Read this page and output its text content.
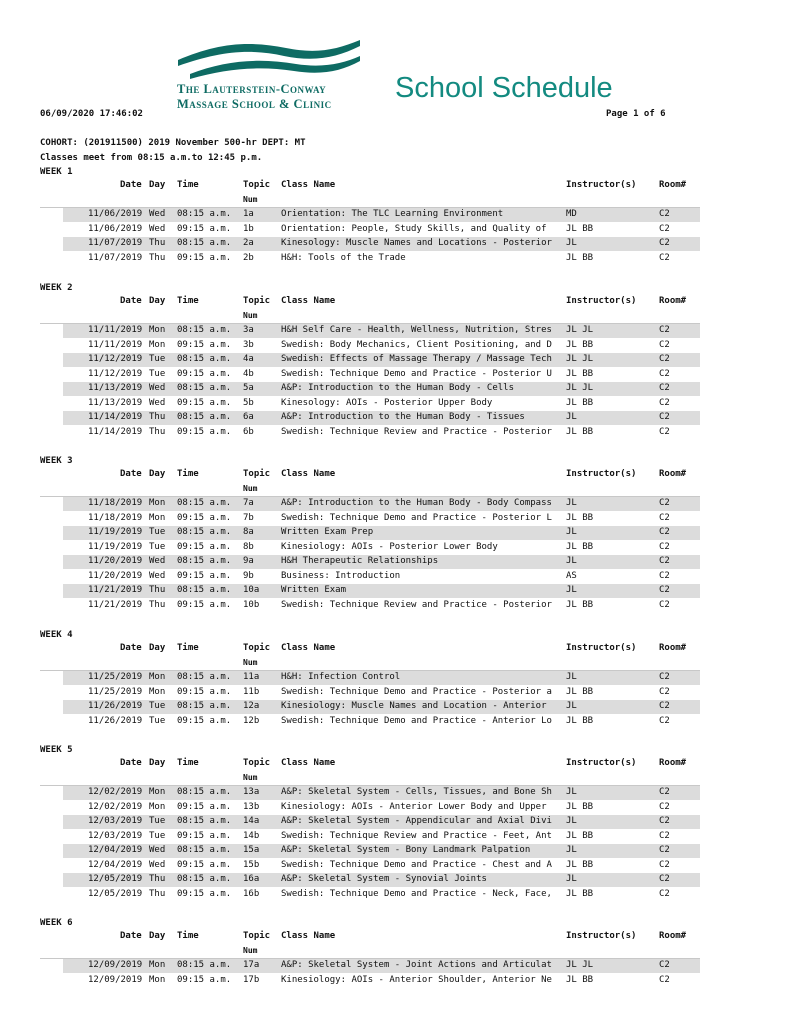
The Lauterstein-Conway
Massage School & Clinic School Schedule
06/09/2020 17:46:02	Page 1 of 6
COHORT: (201911500) 2019 November 500-hr DEPT: MT
Classes meet from 08:15 a.m.to 12:45 p.m.
WEEK 1
Date Day Time	Topic Class Name	Instructor(s)	Room#
Num
11/06/2019 Wed 08:15 a.m. 1a	Orientation: The TLC Learning Environment	MD	C2
11/06/2019 Wed 09:15 a.m. 1b	Orientation: People, Study Skills, and Quality of	JL BB	C2
11/07/2019 Thu 08:15 a.m. 2a	Kinesology: Muscle Names and Locations - Posterior	JL	C2
11/07/2019 Thu 09:15 a.m. 2b	H&H: Tools of the Trade	JL BB	C2
WEEK 2
Date Day Time	Topic Class Name	Instructor(s)	Room#
Num
11/11/2019 Mon 08:15 a.m. 3a	H&H Self Care - Health, Wellness, Nutrition, Stres	JL JL	C2
11/11/2019 Mon 09:15 a.m. 3b	Swedish: Body Mechanics, Client Positioning, and D	JL BB	C2
11/12/2019 Tue 08:15 a.m. 4a	Swedish: Effects of Massage Therapy / Massage Tech	JL JL	C2
11/12/2019 Tue 09:15 a.m. 4b	Swedish: Technique Demo and Practice - Posterior U	JL BB	C2
11/13/2019 Wed 08:15 a.m. 5a	A&P: Introduction to the Human Body - Cells	JL JL	C2
11/13/2019 Wed 09:15 a.m. 5b	Kinesology: AOIs - Posterior Upper Body	JL BB	C2
11/14/2019 Thu 08:15 a.m. 6a	A&P: Introduction to the Human Body - Tissues	JL	C2
11/14/2019 Thu 09:15 a.m. 6b	Swedish: Technique Review and Practice - Posterior	JL BB	C2
WEEK 3
Date Day Time	Topic Class Name	Instructor(s)	Room#
Num
11/18/2019 Mon 08:15 a.m. 7a	A&P: Introduction to the Human Body - Body Compass	JL	C2
11/18/2019 Mon 09:15 a.m. 7b	Swedish: Technique Demo and Practice - Posterior L	JL BB	C2
11/19/2019 Tue 08:15 a.m. 8a	Written Exam Prep	JL	C2
11/19/2019 Tue 09:15 a.m. 8b	Kinesiology: AOIs - Posterior Lower Body	JL BB	C2
11/20/2019 Wed 08:15 a.m. 9a	H&H Therapeutic Relationships	JL	C2
11/20/2019 Wed 09:15 a.m. 9b	Business: Introduction	AS	C2
11/21/2019 Thu 08:15 a.m. 10a Written Exam	JL	C2
11/21/2019 Thu 09:15 a.m. 10b Swedish: Technique Review and Practice - Posterior	JL BB	C2
WEEK 4
Date Day Time	Topic Class Name	Instructor(s)	Room#
Num
11/25/2019 Mon 08:15 a.m. 11a H&H: Infection Control	JL	C2
11/25/2019 Mon 09:15 a.m. 11b Swedish: Technique Demo and Practice - Posterior a	JL BB	C2
11/26/2019 Tue 08:15 a.m. 12a Kinesiology: Muscle Names and Location - Anterior	JL	C2
11/26/2019 Tue 09:15 a.m. 12b Swedish: Technique Demo and Practice - Anterior Lo	JL BB	C2
WEEK 5
Date Day Time	Topic Class Name	Instructor(s)	Room#
Num
12/02/2019 Mon 08:15 a.m. 13a A&P: Skeletal System - Cells, Tissues, and Bone Sh	JL	C2
12/02/2019 Mon 09:15 a.m. 13b Kinesiology: AOIs - Anterior Lower Body and Upper	JL BB	C2
12/03/2019 Tue 08:15 a.m. 14a A&P: Skeletal System - Appendicular and Axial Divi	JL	C2
12/03/2019 Tue 09:15 a.m. 14b Swedish: Technique Review and Practice - Feet, Ant	JL BB	C2
12/04/2019 Wed 08:15 a.m. 15a A&P: Skeletal System - Bony Landmark Palpation	JL	C2
12/04/2019 Wed 09:15 a.m. 15b Swedish: Technique Demo and Practice - Chest and A	JL BB	C2
12/05/2019 Thu 08:15 a.m. 16a A&P: Skeletal System - Synovial Joints	JL	C2
12/05/2019 Thu 09:15 a.m. 16b Swedish: Technique Demo and Practice - Neck, Face,	JL BB	C2
WEEK 6
Date Day Time	Topic Class Name	Instructor(s)	Room#
Num
12/09/2019 Mon 08:15 a.m. 17a A&P: Skeletal System - Joint Actions and Articulat	JL JL	C2
12/09/2019 Mon 09:15 a.m. 17b Kinesiology: AOIs - Anterior Shoulder, Anterior Ne	JL BB	C2
